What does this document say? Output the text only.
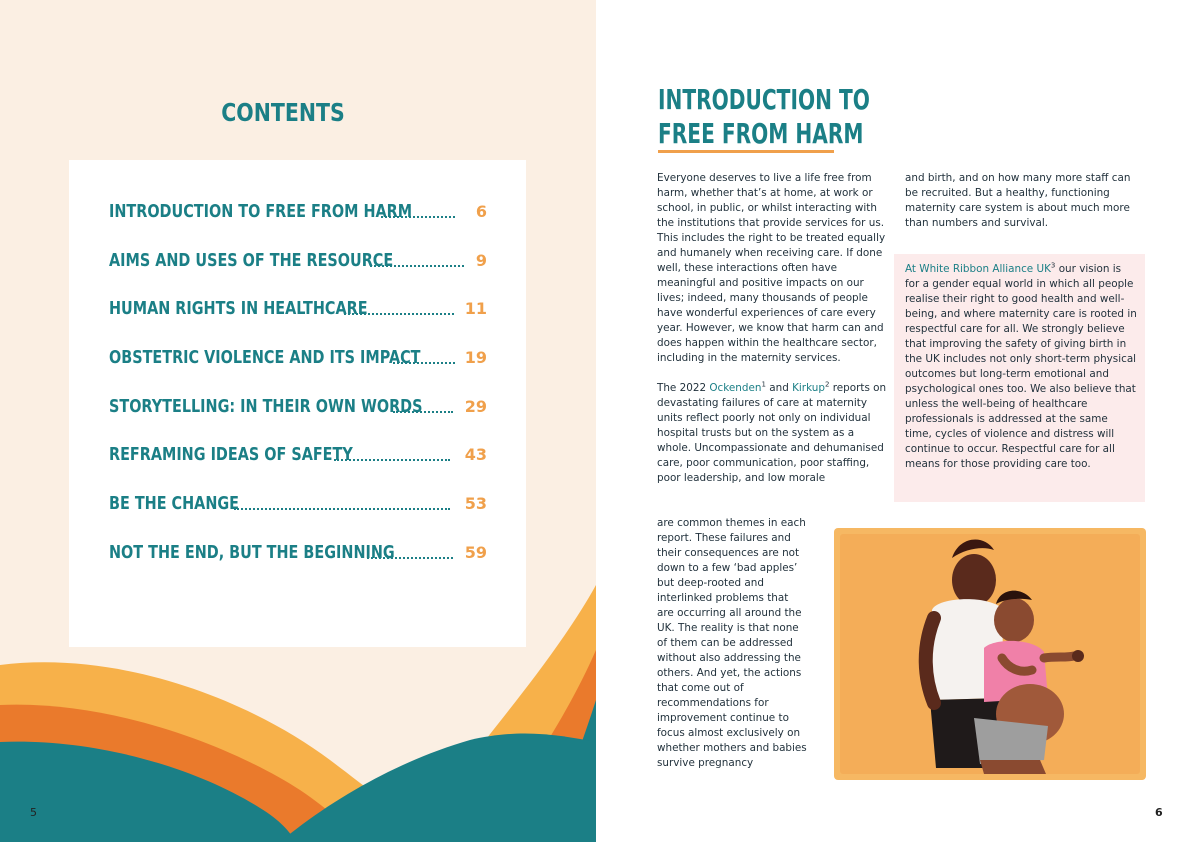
CONTENTS
INTRODUCTION TO FREE FROM HARM	6
AIMS AND USES OF THE RESOURCE	9
HUMAN RIGHTS IN HEALTHCARE	11
OBSTETRIC VIOLENCE AND ITS IMPACT	19
STORYTELLING: IN THEIR OWN WORDS	29
REFRAMING IDEAS OF SAFETY	43
BE THE CHANGE	53
NOT THE END, BUT THE BEGINNING	59
5
INTRODUCTION TO
FREE FROM HARM

Everyone deserves to live a life free from harm, whether that’s at home, at work or school, in public, or whilst interacting with the institutions that provide services for us. This includes the right to be treated equally and humanely when receiving care. If done well, these interactions often have meaningful and positive impacts on our lives; indeed, many thousands of people have wonderful experiences of care every year. However, we know that harm can and does happen within the healthcare sector, including in the maternity services.

The 2022 Ockenden$^1$ and Kirkup$^2$ reports on devastating failures of care at maternity units reflect poorly not only on individual hospital trusts but on the system as a whole. Uncompassionate and dehumanised care, poor communication, poor staffing, poor leadership, and low morale

are common themes in each report. These failures and their consequences are not down to a few ‘bad apples’ but deep-rooted and interlinked problems that are occurring all around the UK. The reality is that none of them can be addressed without also addressing the others. And yet, the actions that come out of recommendations for improvement continue to focus almost exclusively on whether mothers and babies survive pregnancy
and birth, and on how many more staff can be recruited. But a healthy, functioning maternity care system is about much more than numbers and survival.
At White Ribbon Alliance $UK^3$ our vision is for a gender equal world in which all people realise their right to good health and well-being, and where maternity care is rooted in respectful care for all. We strongly believe that improving the safety of giving birth in the UK includes not only short-term physical outcomes but long-term emotional and psychological ones too. We also believe that unless the well-being of healthcare professionals is addressed at the same time, cycles of violence and distress will continue to occur. Respectful care for all means for those providing care too.
6
